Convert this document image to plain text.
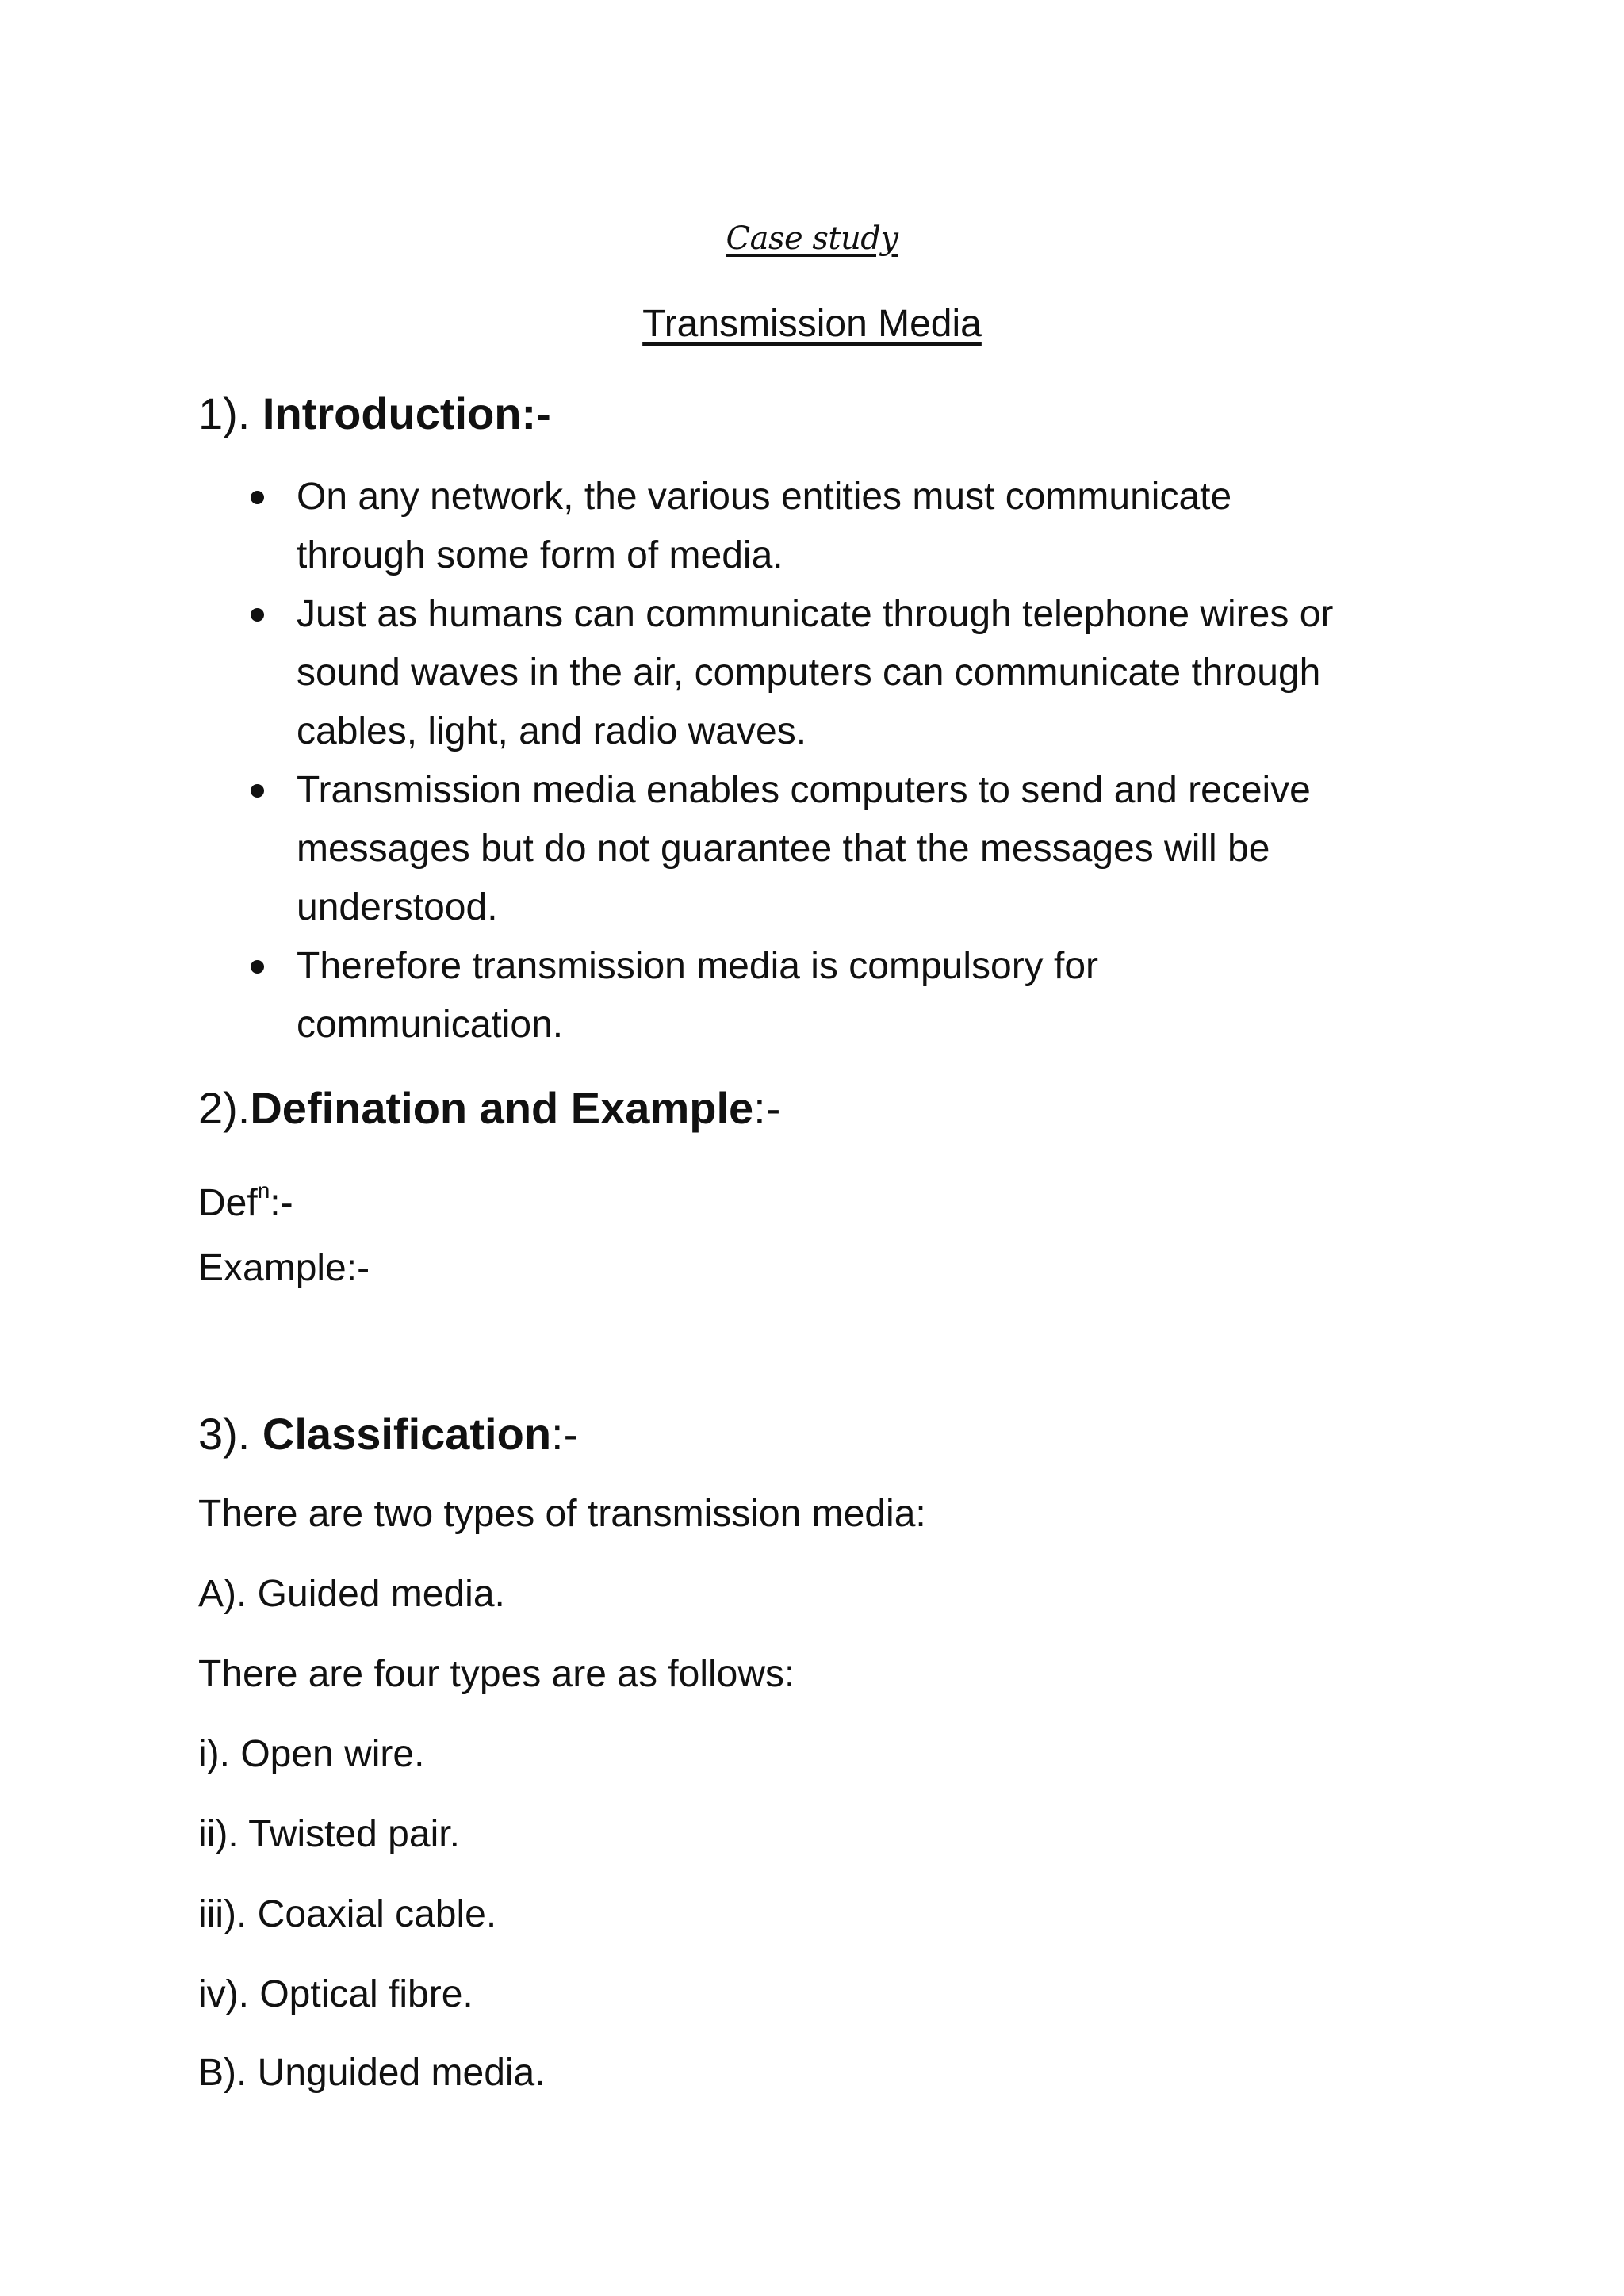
Case study
Transmission Media
1). Introduction:-
On any network, the various entities must communicate
through some form of media.
Just as humans can communicate through telephone wires or
sound waves in the air, computers can communicate through
cables, light, and radio waves.
Transmission media enables computers to send and receive
messages but do not guarantee that the messages will be
understood.
Therefore transmission media is compulsory for
communication.
2).Defination and Example:-
Def$^n$:-
Example:-
3). Classification:-
There are two types of transmission media:
A). Guided media.
There are four types are as follows:
i). Open wire.
ii). Twisted pair.
iii). Coaxial cable.
iv). Optical fibre.
B). Unguided media.
